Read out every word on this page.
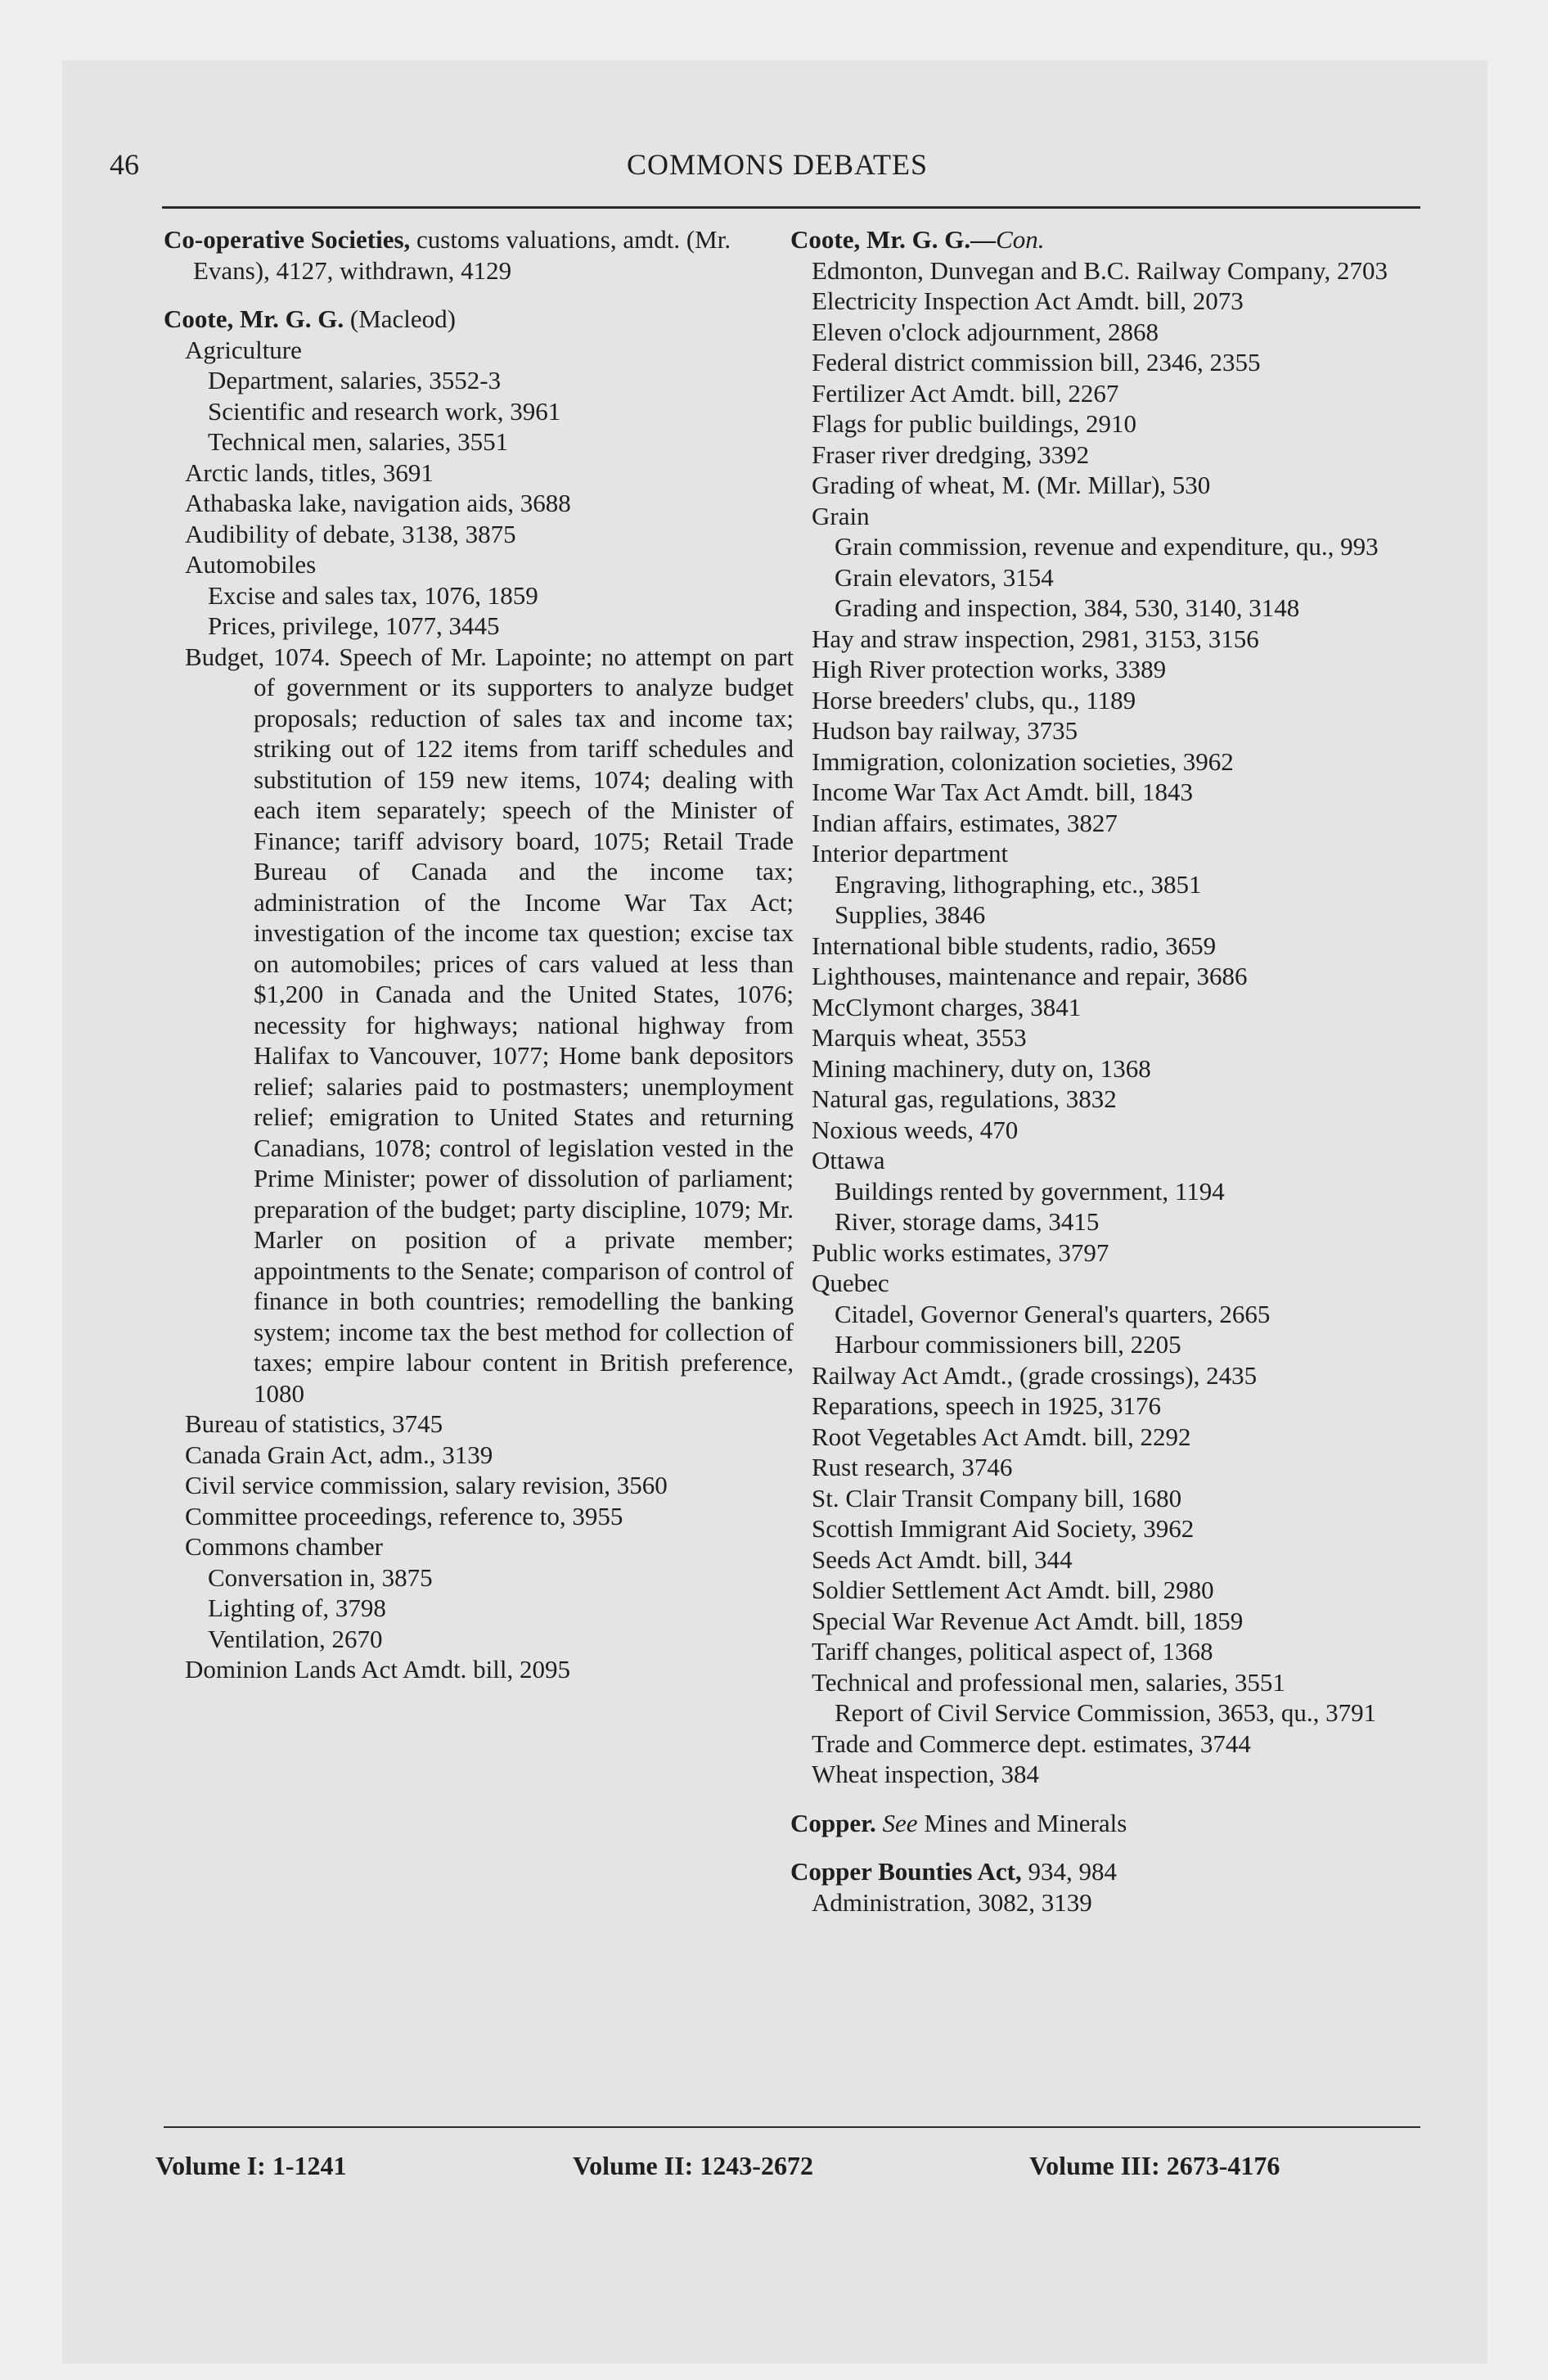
46	COMMONS DEBATES
Co-operative Societies, customs valuations, amdt. (Mr. Evans), 4127, withdrawn, 4129
Coote, Mr. G. G. (Macleod)
Agriculture
Department, salaries, 3552-3
Scientific and research work, 3961
Technical men, salaries, 3551
Arctic lands, titles, 3691
Athabaska lake, navigation aids, 3688
Audibility of debate, 3138, 3875
Automobiles
Excise and sales tax, 1076, 1859
Prices, privilege, 1077, 3445
Budget, 1074. Speech of Mr. Lapointe; no attempt on part of government or its supporters to analyze budget proposals; reduction of sales tax and income tax; striking out of 122 items from tariff schedules and substitution of 159 new items, 1074; dealing with each item separately; speech of the Minister of Finance; tariff advisory board, 1075; Retail Trade Bureau of Canada and the income tax; administration of the Income War Tax Act; investigation of the income tax question; excise tax on automobiles; prices of cars valued at less than $1,200 in Canada and the United States, 1076; necessity for highways; national highway from Halifax to Vancouver, 1077; Home bank depositors relief; salaries paid to postmasters; unemployment relief; emigration to United States and returning Canadians, 1078; control of legislation vested in the Prime Minister; power of dissolution of parliament; preparation of the budget; party discipline, 1079; Mr. Marler on position of a private member; appointments to the Senate; comparison of control of finance in both countries; remodelling the banking system; income tax the best method for collection of taxes; empire labour content in British preference, 1080
Bureau of statistics, 3745
Canada Grain Act, adm., 3139
Civil service commission, salary revision, 3560
Committee proceedings, reference to, 3955
Commons chamber
Conversation in, 3875
Lighting of, 3798
Ventilation, 2670
Dominion Lands Act Amdt. bill, 2095
Coote, Mr. G. G.—Con.
Edmonton, Dunvegan and B.C. Railway Company, 2703
Electricity Inspection Act Amdt. bill, 2073
Eleven o'clock adjournment, 2868
Federal district commission bill, 2346, 2355
Fertilizer Act Amdt. bill, 2267
Flags for public buildings, 2910
Fraser river dredging, 3392
Grading of wheat, M. (Mr. Millar), 530
Grain
Grain commission, revenue and expenditure, qu., 993
Grain elevators, 3154
Grading and inspection, 384, 530, 3140, 3148
Hay and straw inspection, 2981, 3153, 3156
High River protection works, 3389
Horse breeders' clubs, qu., 1189
Hudson bay railway, 3735
Immigration, colonization societies, 3962
Income War Tax Act Amdt. bill, 1843
Indian affairs, estimates, 3827
Interior department
Engraving, lithographing, etc., 3851
Supplies, 3846
International bible students, radio, 3659
Lighthouses, maintenance and repair, 3686
McClymont charges, 3841
Marquis wheat, 3553
Mining machinery, duty on, 1368
Natural gas, regulations, 3832
Noxious weeds, 470
Ottawa
Buildings rented by government, 1194
River, storage dams, 3415
Public works estimates, 3797
Quebec
Citadel, Governor General's quarters, 2665
Harbour commissioners bill, 2205
Railway Act Amdt., (grade crossings), 2435
Reparations, speech in 1925, 3176
Root Vegetables Act Amdt. bill, 2292
Rust research, 3746
St. Clair Transit Company bill, 1680
Scottish Immigrant Aid Society, 3962
Seeds Act Amdt. bill, 344
Soldier Settlement Act Amdt. bill, 2980
Special War Revenue Act Amdt. bill, 1859
Tariff changes, political aspect of, 1368
Technical and professional men, salaries, 3551
Report of Civil Service Commission, 3653, qu., 3791
Trade and Commerce dept. estimates, 3744
Wheat inspection, 384
Copper. See Mines and Minerals
Copper Bounties Act, 934, 984
Administration, 3082, 3139
Volume I: 1-1241	Volume II: 1243-2672	Volume III: 2673-4176
